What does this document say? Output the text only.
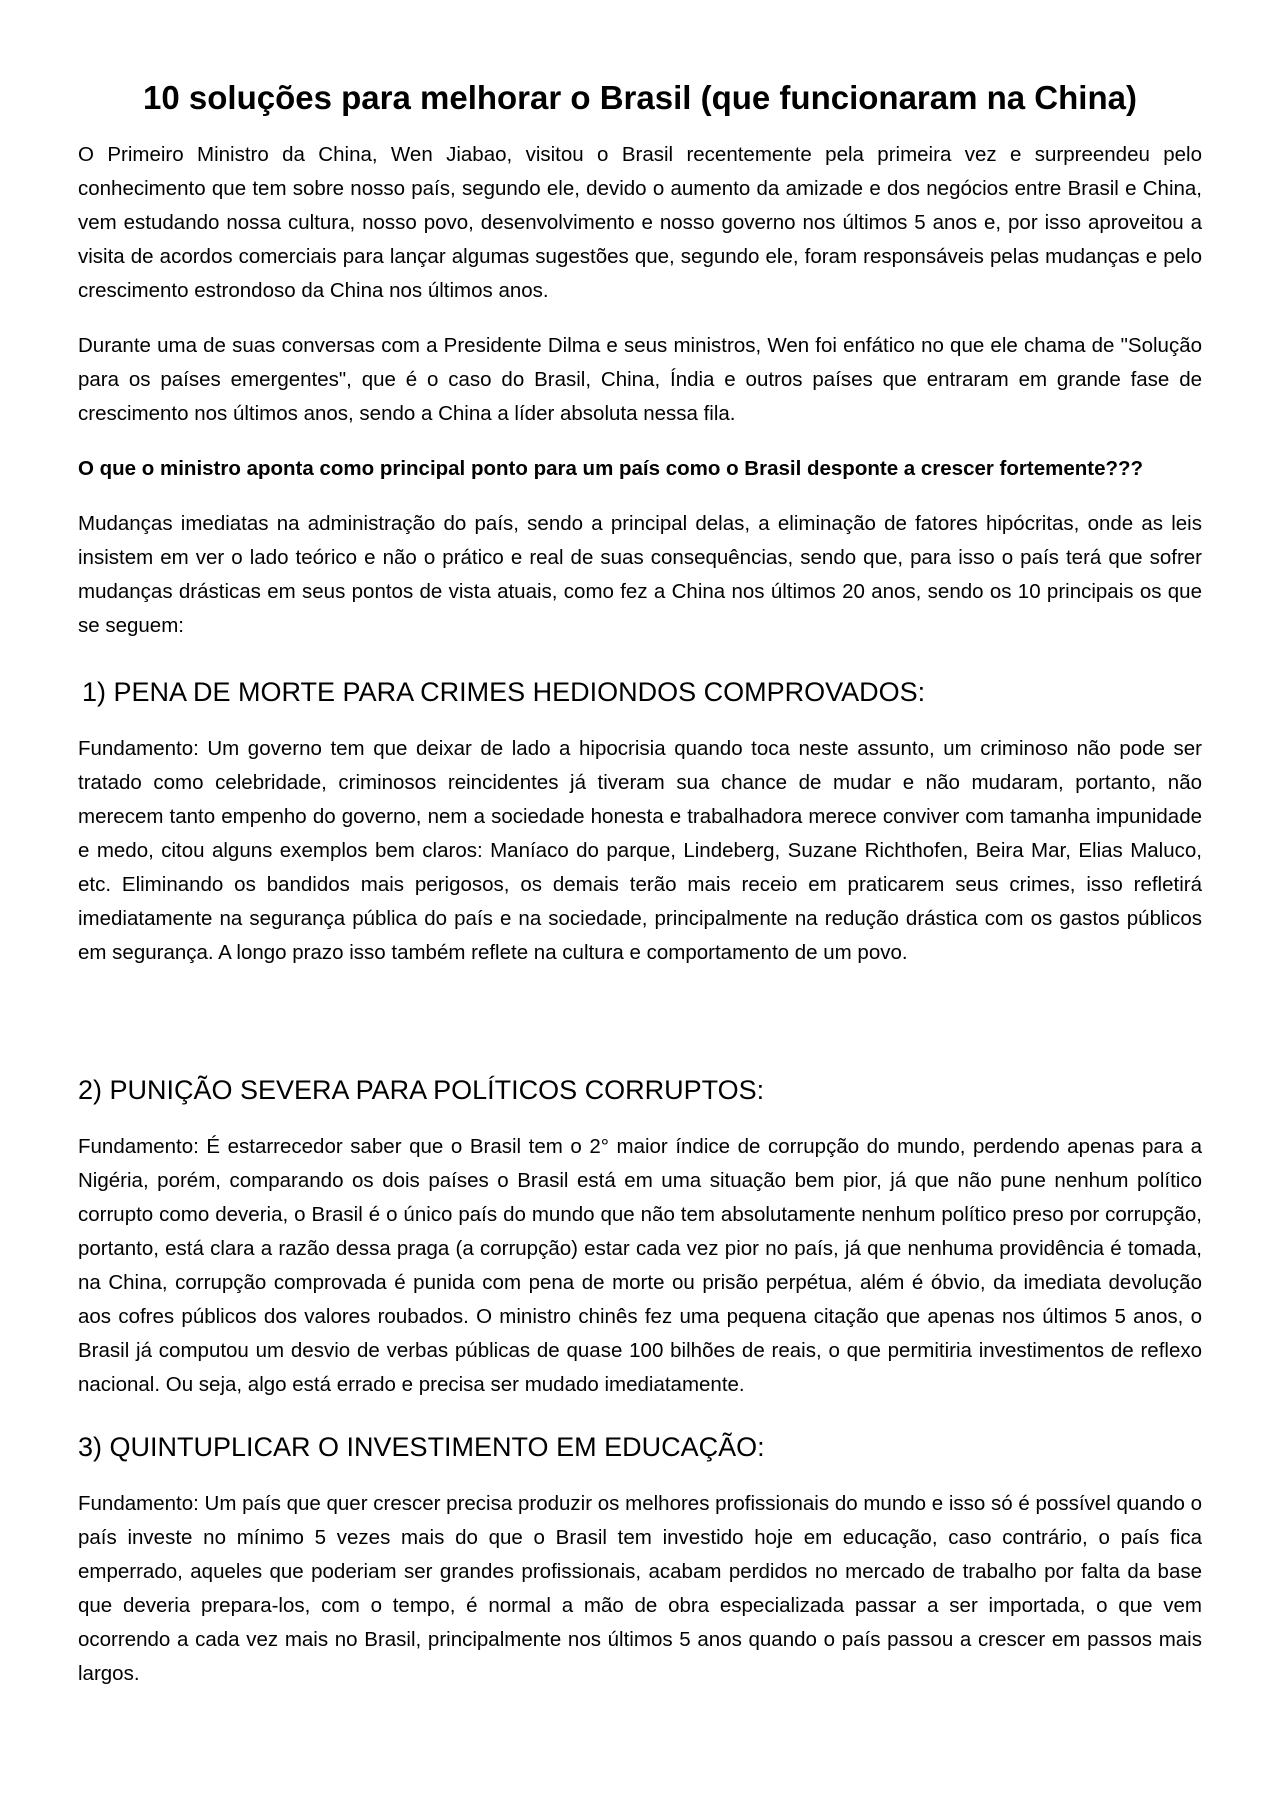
10 soluções para melhorar o Brasil (que funcionaram na China)

O Primeiro Ministro da China, Wen Jiabao, visitou o Brasil recentemente pela primeira vez e surpreendeu pelo conhecimento que tem sobre nosso país, segundo ele, devido o aumento da amizade e dos negócios entre Brasil e China, vem estudando nossa cultura, nosso povo, desenvolvimento e nosso governo nos últimos 5 anos e, por isso aproveitou a visita de acordos comerciais para lançar algumas sugestões que, segundo ele, foram responsáveis pelas mudanças e pelo crescimento estrondoso da China nos últimos anos.

Durante uma de suas conversas com a Presidente Dilma e seus ministros, Wen foi enfático no que ele chama de "Solução para os países emergentes", que é o caso do Brasil, China, Índia e outros países que entraram em grande fase de crescimento nos últimos anos, sendo a China a líder absoluta nessa fila.

O que o ministro aponta como principal ponto para um país como o Brasil desponte a crescer fortemente???

Mudanças imediatas na administração do país, sendo a principal delas, a eliminação de fatores hipócritas, onde as leis insistem em ver o lado teórico e não o prático e real de suas consequências, sendo que, para isso o país terá que sofrer mudanças drásticas em seus pontos de vista atuais, como fez a China nos últimos 20 anos, sendo os 10 principais os que se seguem:

1) PENA DE MORTE PARA CRIMES HEDIONDOS COMPROVADOS:

Fundamento: Um governo tem que deixar de lado a hipocrisia quando toca neste assunto, um criminoso não pode ser tratado como celebridade, criminosos reincidentes já tiveram sua chance de mudar e não mudaram, portanto, não merecem tanto empenho do governo, nem a sociedade honesta e trabalhadora merece conviver com tamanha impunidade e medo, citou alguns exemplos bem claros: Maníaco do parque, Lindeberg, Suzane Richthofen, Beira Mar, Elias Maluco, etc. Eliminando os bandidos mais perigosos, os demais terão mais receio em praticarem seus crimes, isso refletirá imediatamente na segurança pública do país e na sociedade, principalmente na redução drástica com os gastos públicos em segurança. A longo prazo isso também reflete na cultura e comportamento de um povo.

2) PUNIÇÃO SEVERA PARA POLÍTICOS CORRUPTOS:

Fundamento: É estarrecedor saber que o Brasil tem o 2° maior índice de corrupção do mundo, perdendo apenas para a Nigéria, porém, comparando os dois países o Brasil está em uma situação bem pior, já que não pune nenhum político corrupto como deveria, o Brasil é o único país do mundo que não tem absolutamente nenhum político preso por corrupção, portanto, está clara a razão dessa praga (a corrupção) estar cada vez pior no país, já que nenhuma providência é tomada, na China, corrupção comprovada é punida com pena de morte ou prisão perpétua, além é óbvio, da imediata devolução aos cofres públicos dos valores roubados. O ministro chinês fez uma pequena citação que apenas nos últimos 5 anos, o Brasil já computou um desvio de verbas públicas de quase 100 bilhões de reais, o que permitiria investimentos de reflexo nacional. Ou seja, algo está errado e precisa ser mudado imediatamente.

3) QUINTUPLICAR O INVESTIMENTO EM EDUCAÇÃO:

Fundamento: Um país que quer crescer precisa produzir os melhores profissionais do mundo e isso só é possível quando o país investe no mínimo 5 vezes mais do que o Brasil tem investido hoje em educação, caso contrário, o país fica emperrado, aqueles que poderiam ser grandes profissionais, acabam perdidos no mercado de trabalho por falta da base que deveria prepara-los, com o tempo, é normal a mão de obra especializada passar a ser importada, o que vem ocorrendo a cada vez mais no Brasil, principalmente nos últimos 5 anos quando o país passou a crescer em passos mais largos.
